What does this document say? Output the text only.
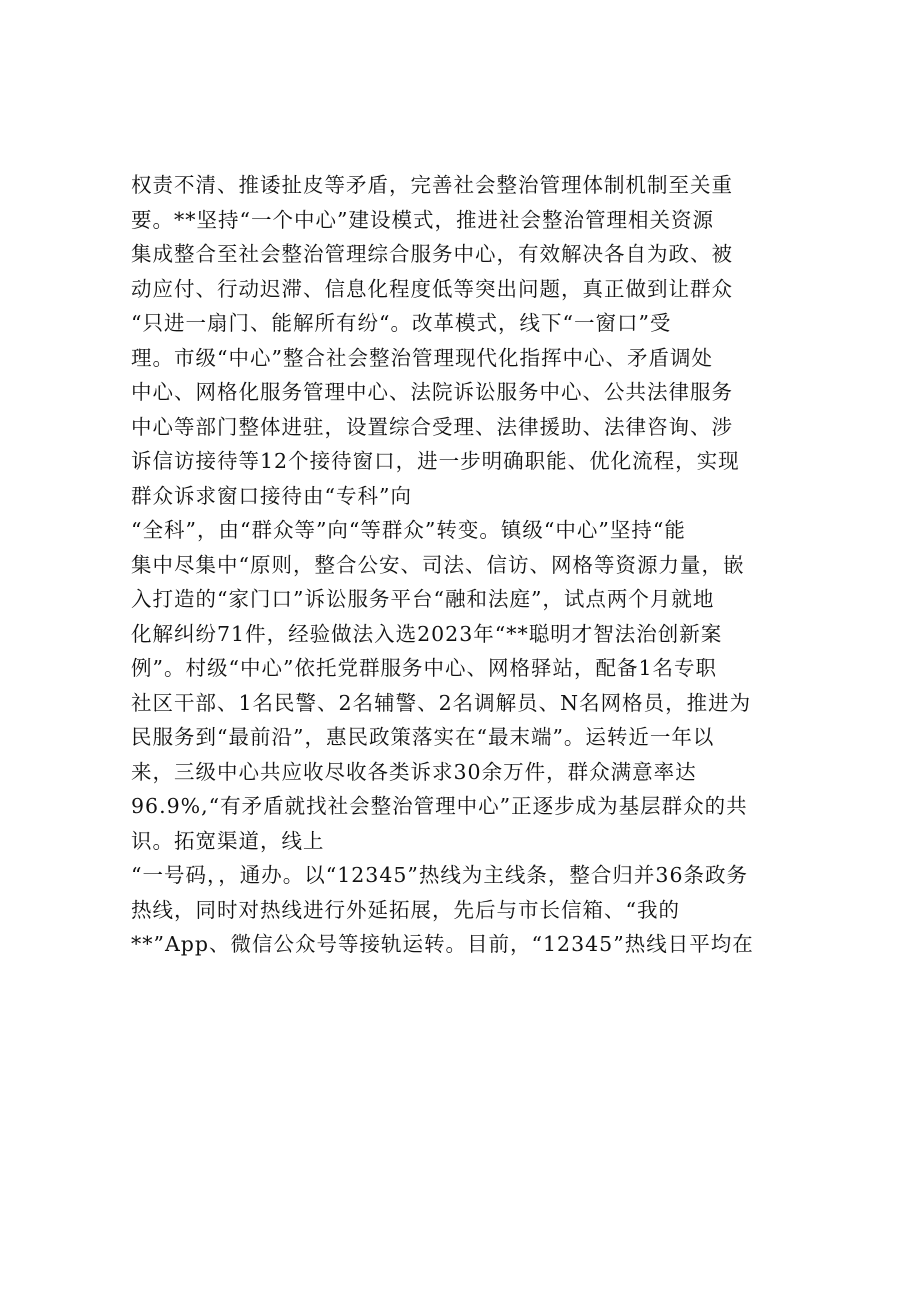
权责不清、推诿扯皮等矛盾，完善社会整治管理体制机制至关重
要。**坚持“一个中心”建设模式，推进社会整治管理相关资源
集成整合至社会整治管理综合服务中心，有效解决各自为政、被
动应付、行动迟滞、信息化程度低等突出问题，真正做到让群众
“只进一扇门、能解所有纷“。改革模式，线下“一窗口”受
理。市级“中心”整合社会整治管理现代化指挥中心、矛盾调处
中心、网格化服务管理中心、法院诉讼服务中心、公共法律服务
中心等部门整体进驻，设置综合受理、法律援助、法律咨询、涉
诉信访接待等12个接待窗口，进一步明确职能、优化流程，实现
群众诉求窗口接待由“专科”向
“全科”，由“群众等”向“等群众”转变。镇级“中心”坚持“能
集中尽集中“原则，整合公安、司法、信访、网格等资源力量，嵌
入打造的“家门口”诉讼服务平台“融和法庭”，试点两个月就地
化解纠纷71件，经验做法入选2023年“**聪明才智法治创新案
例”。村级“中心”依托党群服务中心、网格驿站，配备1名专职
社区干部、1名民警、2名辅警、2名调解员、N名网格员，推进为
民服务到“最前沿”，惠民政策落实在“最末端”。运转近一年以
来，三级中心共应收尽收各类诉求30余万件，群众满意率达
96.9%,“有矛盾就找社会整治管理中心”正逐步成为基层群众的共
识。拓宽渠道，线上
“一号码，，通办。以“12345”热线为主线条，整合归并36条政务
热线，同时对热线进行外延拓展，先后与市长信箱、“我的
**”App、微信公众号等接轨运转。目前，“12345”热线日平均在
